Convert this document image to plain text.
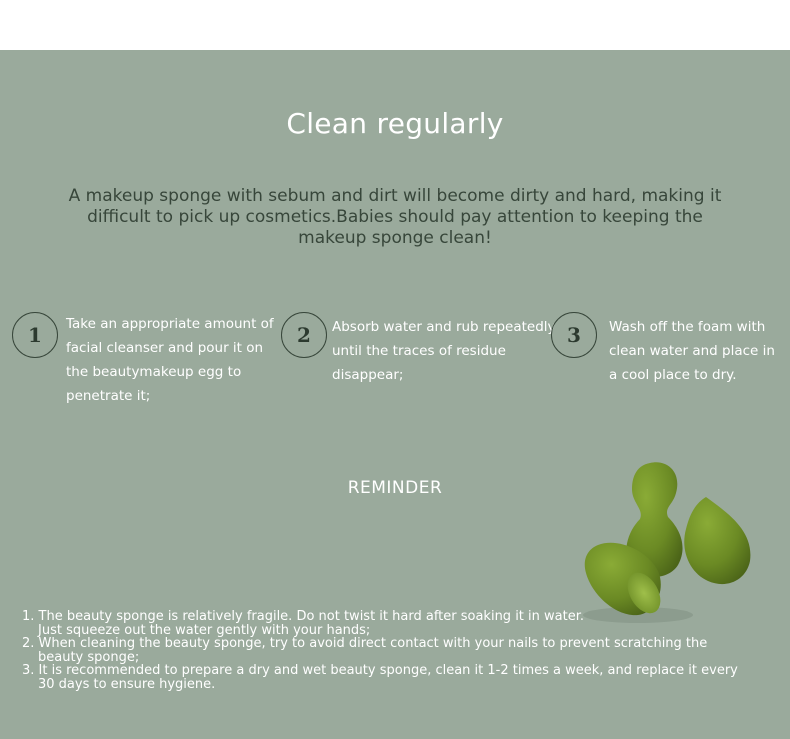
Clean regularly
A makeup sponge with sebum and dirt will become dirty and hard, making it difficult to pick up cosmetics.Babies should pay attention to keeping the makeup sponge clean!
1	Take an appropriate amount of facial cleanser and pour it on the beautymakeup egg to penetrate it;
2	Absorb water and rub repeatedly until the traces of residue disappear;
3	Wash off the foam with clean water and place in a cool place to dry.
REMINDER
1. The beauty sponge is relatively fragile. Do not twist it hard after soaking it in water.
Just squeeze out the water gently with your hands;
2. When cleaning the beauty sponge, try to avoid direct contact with your nails to prevent scratching the
beauty sponge;
3. It is recommended to prepare a dry and wet beauty sponge, clean it 1-2 times a week, and replace it every
30 days to ensure hygiene.
